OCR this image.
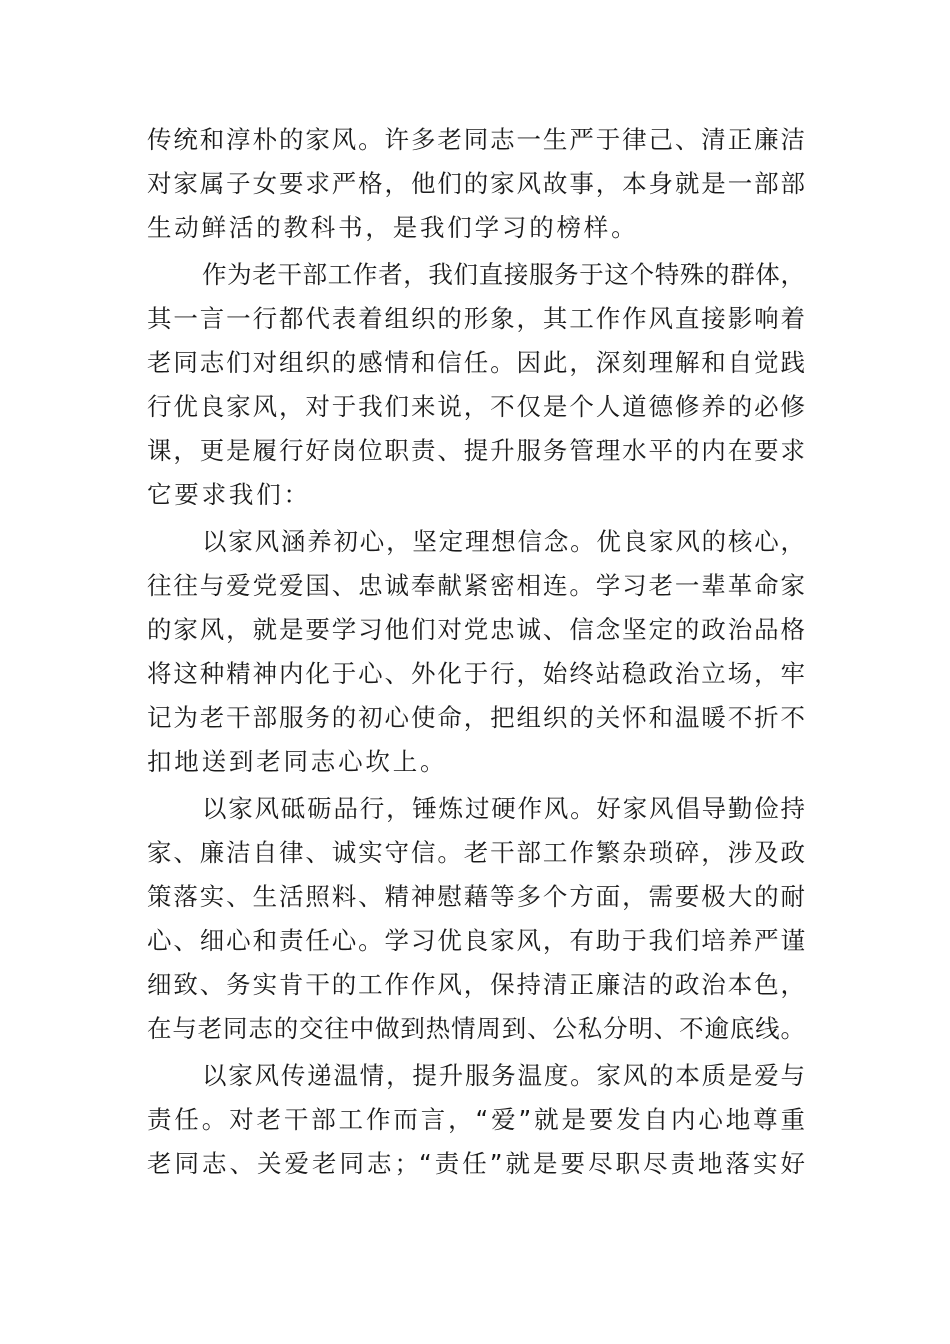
传统和淳朴的家风。许多老同志一生严于律己、清正廉洁
对家属子女要求严格，他们的家风故事，本身就是一部部
生动鲜活的教科书，是我们学习的榜样。
作为老干部工作者，我们直接服务于这个特殊的群体，
其一言一行都代表着组织的形象，其工作作风直接影响着
老同志们对组织的感情和信任。因此，深刻理解和自觉践
行优良家风，对于我们来说，不仅是个人道德修养的必修
课，更是履行好岗位职责、提升服务管理水平的内在要求
它要求我们：
以家风涵养初心，坚定理想信念。优良家风的核心，
往往与爱党爱国、忠诚奉献紧密相连。学习老一辈革命家
的家风，就是要学习他们对党忠诚、信念坚定的政治品格
将这种精神内化于心、外化于行，始终站稳政治立场，牢
记为老干部服务的初心使命，把组织的关怀和温暖不折不
扣地送到老同志心坎上。
以家风砥砺品行，锤炼过硬作风。好家风倡导勤俭持
家、廉洁自律、诚实守信。老干部工作繁杂琐碎，涉及政
策落实、生活照料、精神慰藉等多个方面，需要极大的耐
心、细心和责任心。学习优良家风，有助于我们培养严谨
细致、务实肯干的工作作风，保持清正廉洁的政治本色，
在与老同志的交往中做到热情周到、公私分明、不逾底线。
以家风传递温情，提升服务温度。家风的本质是爱与
责任。对老干部工作而言，“爱”就是要发自内心地尊重
老同志、关爱老同志；“责任”就是要尽职尽责地落实好
